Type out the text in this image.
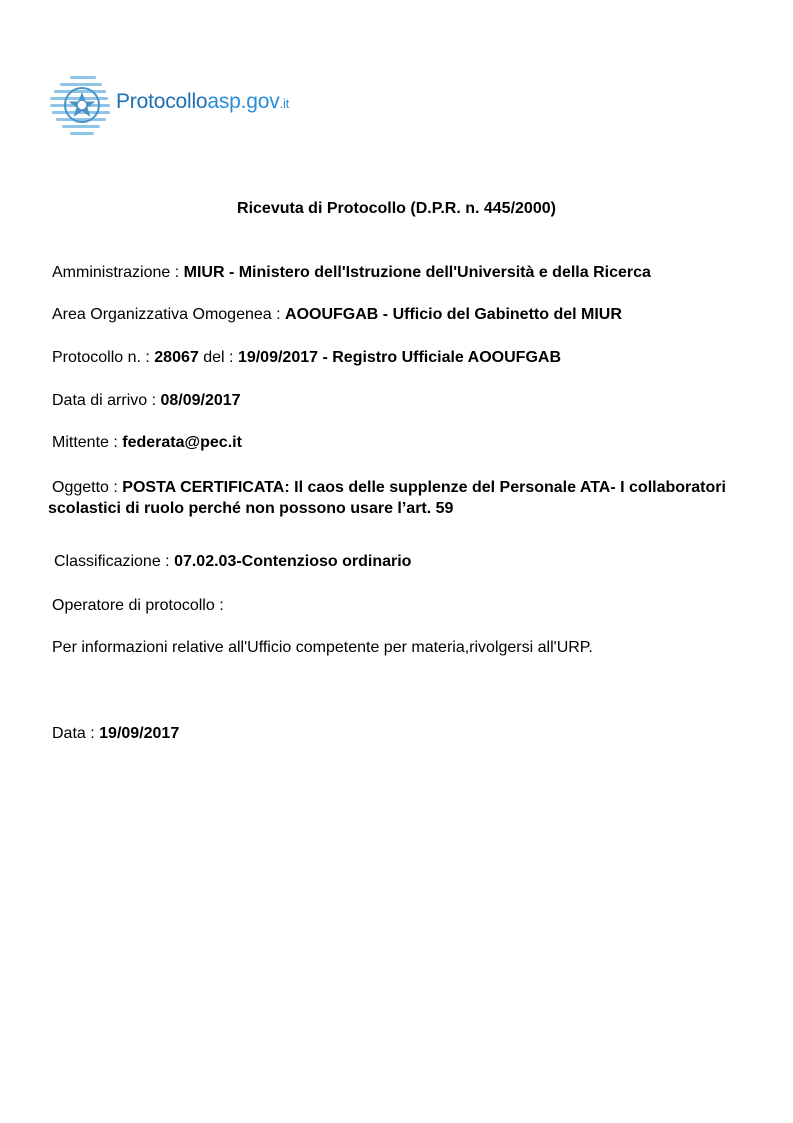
Protocolloasp.gov.it
Ricevuta di Protocollo (D.P.R. n. 445/2000)
Amministrazione : MIUR - Ministero dell'Istruzione dell'Università e della Ricerca
Area Organizzativa Omogenea : AOOUFGAB - Ufficio del Gabinetto del MIUR
Protocollo n. : 28067 del : 19/09/2017 - Registro Ufficiale AOOUFGAB
Data di arrivo : 08/09/2017
Mittente : federata@pec.it
Oggetto : POSTA CERTIFICATA: Il caos delle supplenze del Personale ATA- I collaboratori scolastici di ruolo perché non possono usare l’art. 59
Classificazione : 07.02.03-Contenzioso ordinario
Operatore di protocollo :
Per informazioni relative all'Ufficio competente per materia,rivolgersi all'URP.
Data : 19/09/2017
